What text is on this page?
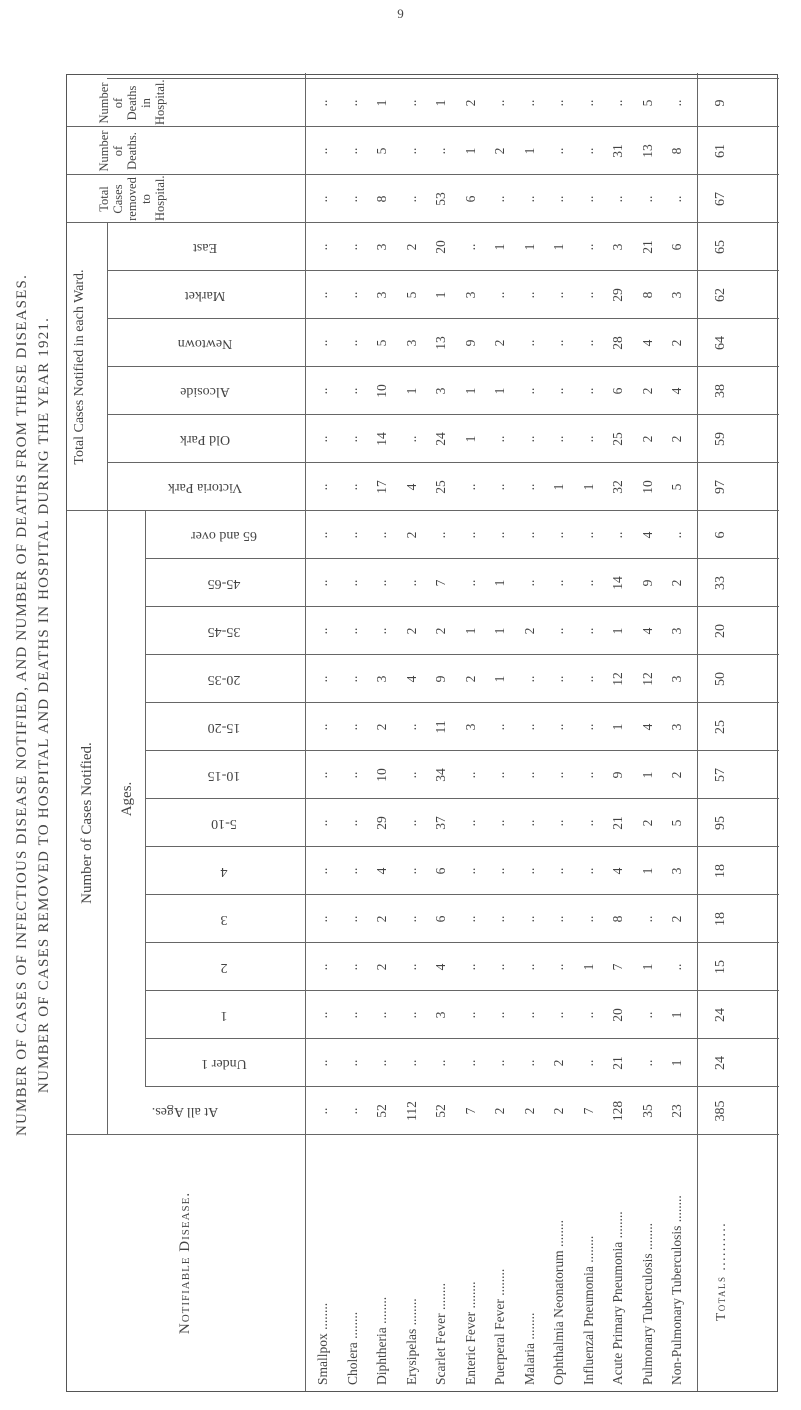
9
NUMBER OF CASES OF INFECTIOUS DISEASE NOTIFIED, AND NUMBER OF DEATHS FROM THESE DISEASES. NUMBER OF CASES REMOVED TO HOSPITAL AND DEATHS IN HOSPITAL DURING THE YEAR 1921.
Notifiable Disease.
Number of Cases Notified. Ages.
Total Cases Notified in each Ward.
At all Ages.
Under 1
1
2
3
4
5-10
10-15
15-20
20-35
35-45
45-65
65 and over
Victoria Park
Old Park
Alcoside
Newtown
Market
East
Total Cases removed to Hospital.
Number of Deaths.
Number of Deaths in Hospital.
Smallpox ........
..
..
..
..
..
..
..
..
..
..
..
..
..
..
..
..
..
..
..
..
..
..
Cholera ........
..
..
..
..
..
..
..
..
..
..
..
..
..
..
..
..
..
..
..
..
..
..
Diphtheria ........
52
..
..
2
2
4
29
10
2
3
..
..
..
17
14
10
5
3
3
8
5
1
Erysipelas ........
112
..
..
..
..
..
..
..
..
4
2
..
2
4
..
1
3
5
2
..
..
..
Scarlet Fever ........
52
..
3
4
6
6
37
34
11
9
2
7
..
25
24
3
13
1
20
53
..
1
Enteric Fever ........
7
..
..
..
..
..
..
..
3
2
1
..
..
..
1
1
9
3
..
6
1
2
Puerperal Fever ........
2
..
..
..
..
..
..
..
..
1
1
1
..
..
..
1
2
..
1
..
2
..
Malaria ........
2
..
..
..
..
..
..
..
..
..
2
..
..
..
..
..
..
..
1
..
1
..
Ophthalmia Neonatorum ........
2
2
..
..
..
..
..
..
..
..
..
..
..
1
..
..
..
..
1
..
..
..
Influenzal Pneumonia ........
7
..
..
1
..
..
..
..
..
..
..
..
..
1
..
..
..
..
..
..
..
..
Acute Primary Pneumonia ........
128
21
20
7
8
4
21
9
1
12
1
14
..
32
25
6
28
29
3
..
31
..
Pulmonary Tuberculosis ........
35
..
..
1
..
1
2
1
4
12
4
9
4
10
2
2
4
8
21
..
13
5
Non-Pulmonary Tuberculosis ........
23
1
1
..
2
3
5
2
3
3
3
2
..
5
2
4
2
3
6
..
8
..
Totals ..........
385
24
24
15
18
18
95
57
25
50
20
33
6
97
59
38
64
62
65
67
61
9
